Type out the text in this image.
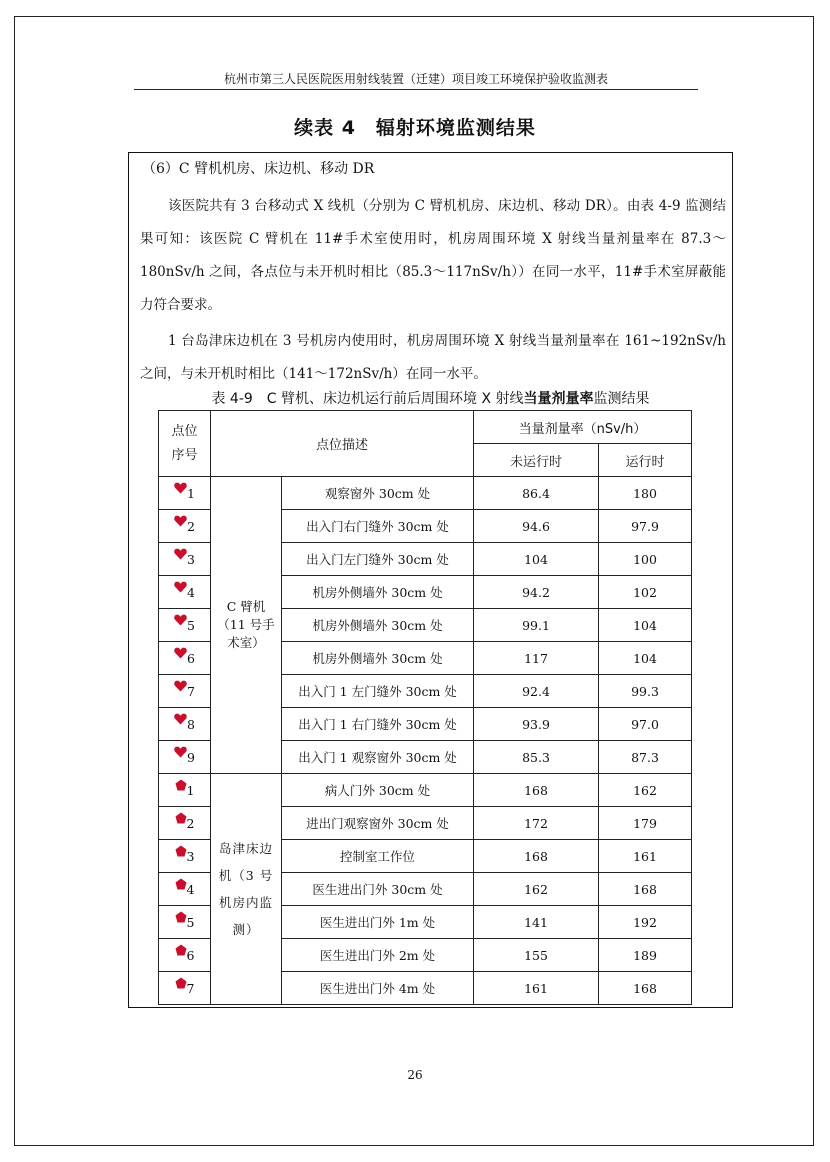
杭州市第三人民医院医用射线装置（迁建）项目竣工环境保护验收监测表
续表 4　辐射环境监测结果
（6）C 臂机机房、床边机、移动 DR
该医院共有 3 台移动式 X 线机（分别为 C 臂机机房、床边机、移动 DR）。由表 4-9 监测结果可知：该医院 C 臂机在 11#手术室使用时，机房周围环境 X 射线当量剂量率在 87.3～180nSv/h 之间，各点位与未开机时相比（85.3～117nSv/h））在同一水平，11#手术室屏蔽能力符合要求。
1 台岛津床边机在 3 号机房内使用时，机房周围环境 X 射线当量剂量率在 161~192nSv/h 之间，与未开机时相比（141～172nSv/h）在同一水平。
表 4-9　C 臂机、床边机运行前后周围环境 X 射线当量剂量率监测结果
点位
序号	点位描述		当量剂量率（nSv/h）	
			未运行时	运行时
1	C 臂机
（11 号手
术室）	观察窗外 30cm 处	86.4	180
2		出入门右门缝外 30cm 处	94.6	97.9
3		出入门左门缝外 30cm 处	104	100
4		机房外侧墙外 30cm 处	94.2	102
5		机房外侧墙外 30cm 处	99.1	104
6		机房外侧墙外 30cm 处	117	104
7		出入门 1 左门缝外 30cm 处	92.4	99.3
8		出入门 1 右门缝外 30cm 处	93.9	97.0
9		出入门 1 观察窗外 30cm 处	85.3	87.3
1	岛津床边
机（3 号
机房内监
测）	病人门外 30cm 处	168	162
2		进出门观察窗外 30cm 处	172	179
3		控制室工作位	168	161
4		医生进出门外 30cm 处	162	168
5		医生进出门外 1m 处	141	192
6		医生进出门外 2m 处	155	189
7		医生进出门外 4m 处	161	168
26
